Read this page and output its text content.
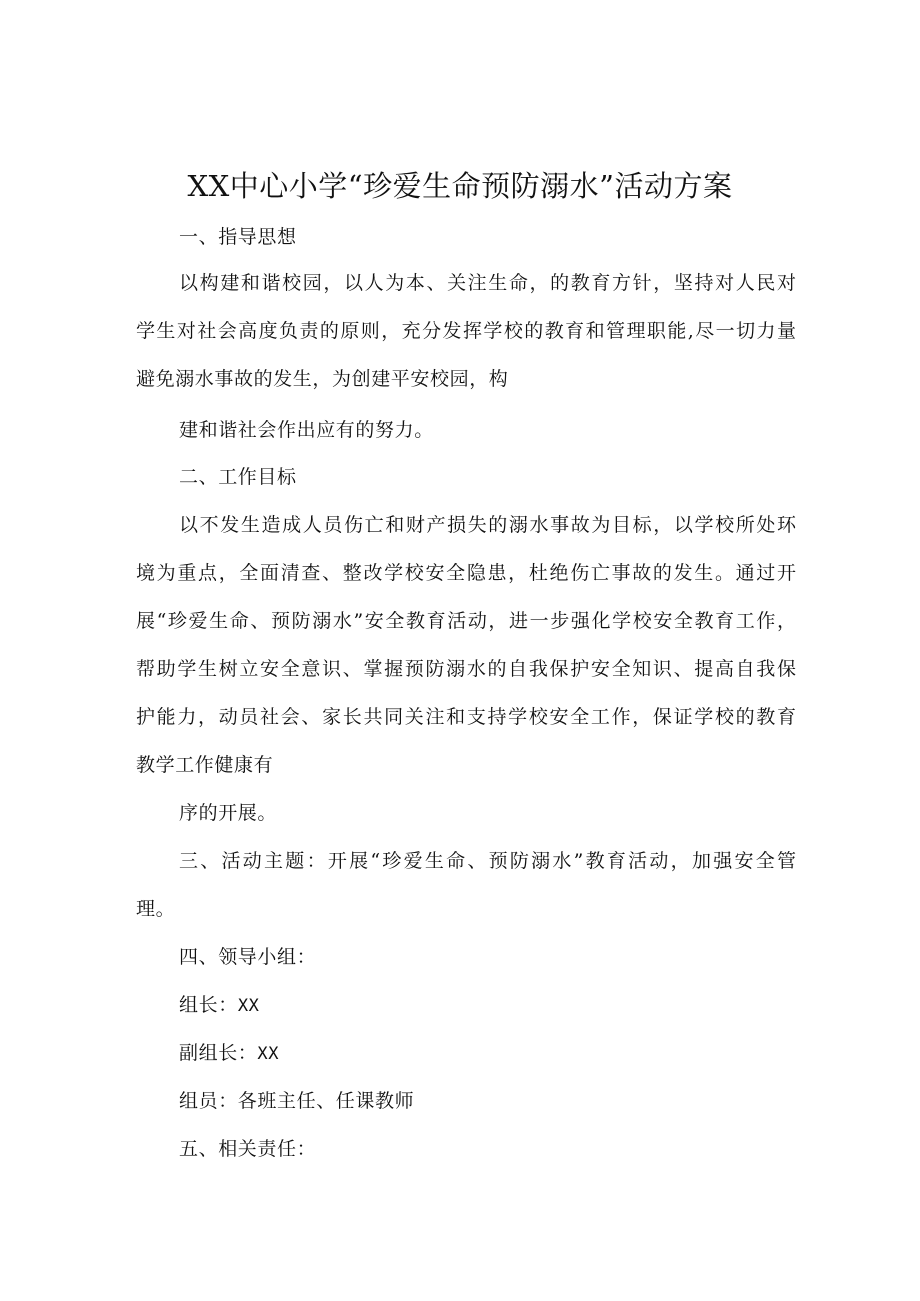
XX中心小学“珍爱生命预防溺水”活动方案
一、指导思想
以构建和谐校园，以人为本、关注生命，的教育方针，坚持对人民对
学生对社会高度负责的原则，充分发挥学校的教育和管理职能,尽一切力量
避免溺水事故的发生，为创建平安校园，构
建和谐社会作出应有的努力。
二、工作目标
以不发生造成人员伤亡和财产损失的溺水事故为目标，以学校所处环
境为重点，全面清查、整改学校安全隐患，杜绝伤亡事故的发生。通过开
展“珍爱生命、预防溺水”安全教育活动，进一步强化学校安全教育工作，
帮助学生树立安全意识、掌握预防溺水的自我保护安全知识、提高自我保
护能力，动员社会、家长共同关注和支持学校安全工作，保证学校的教育
教学工作健康有
序的开展。
三、活动主题：开展“珍爱生命、预防溺水”教育活动，加强安全管
理。
四、领导小组：
组长：XX
副组长：XX
组员：各班主任、任课教师
五、相关责任：
